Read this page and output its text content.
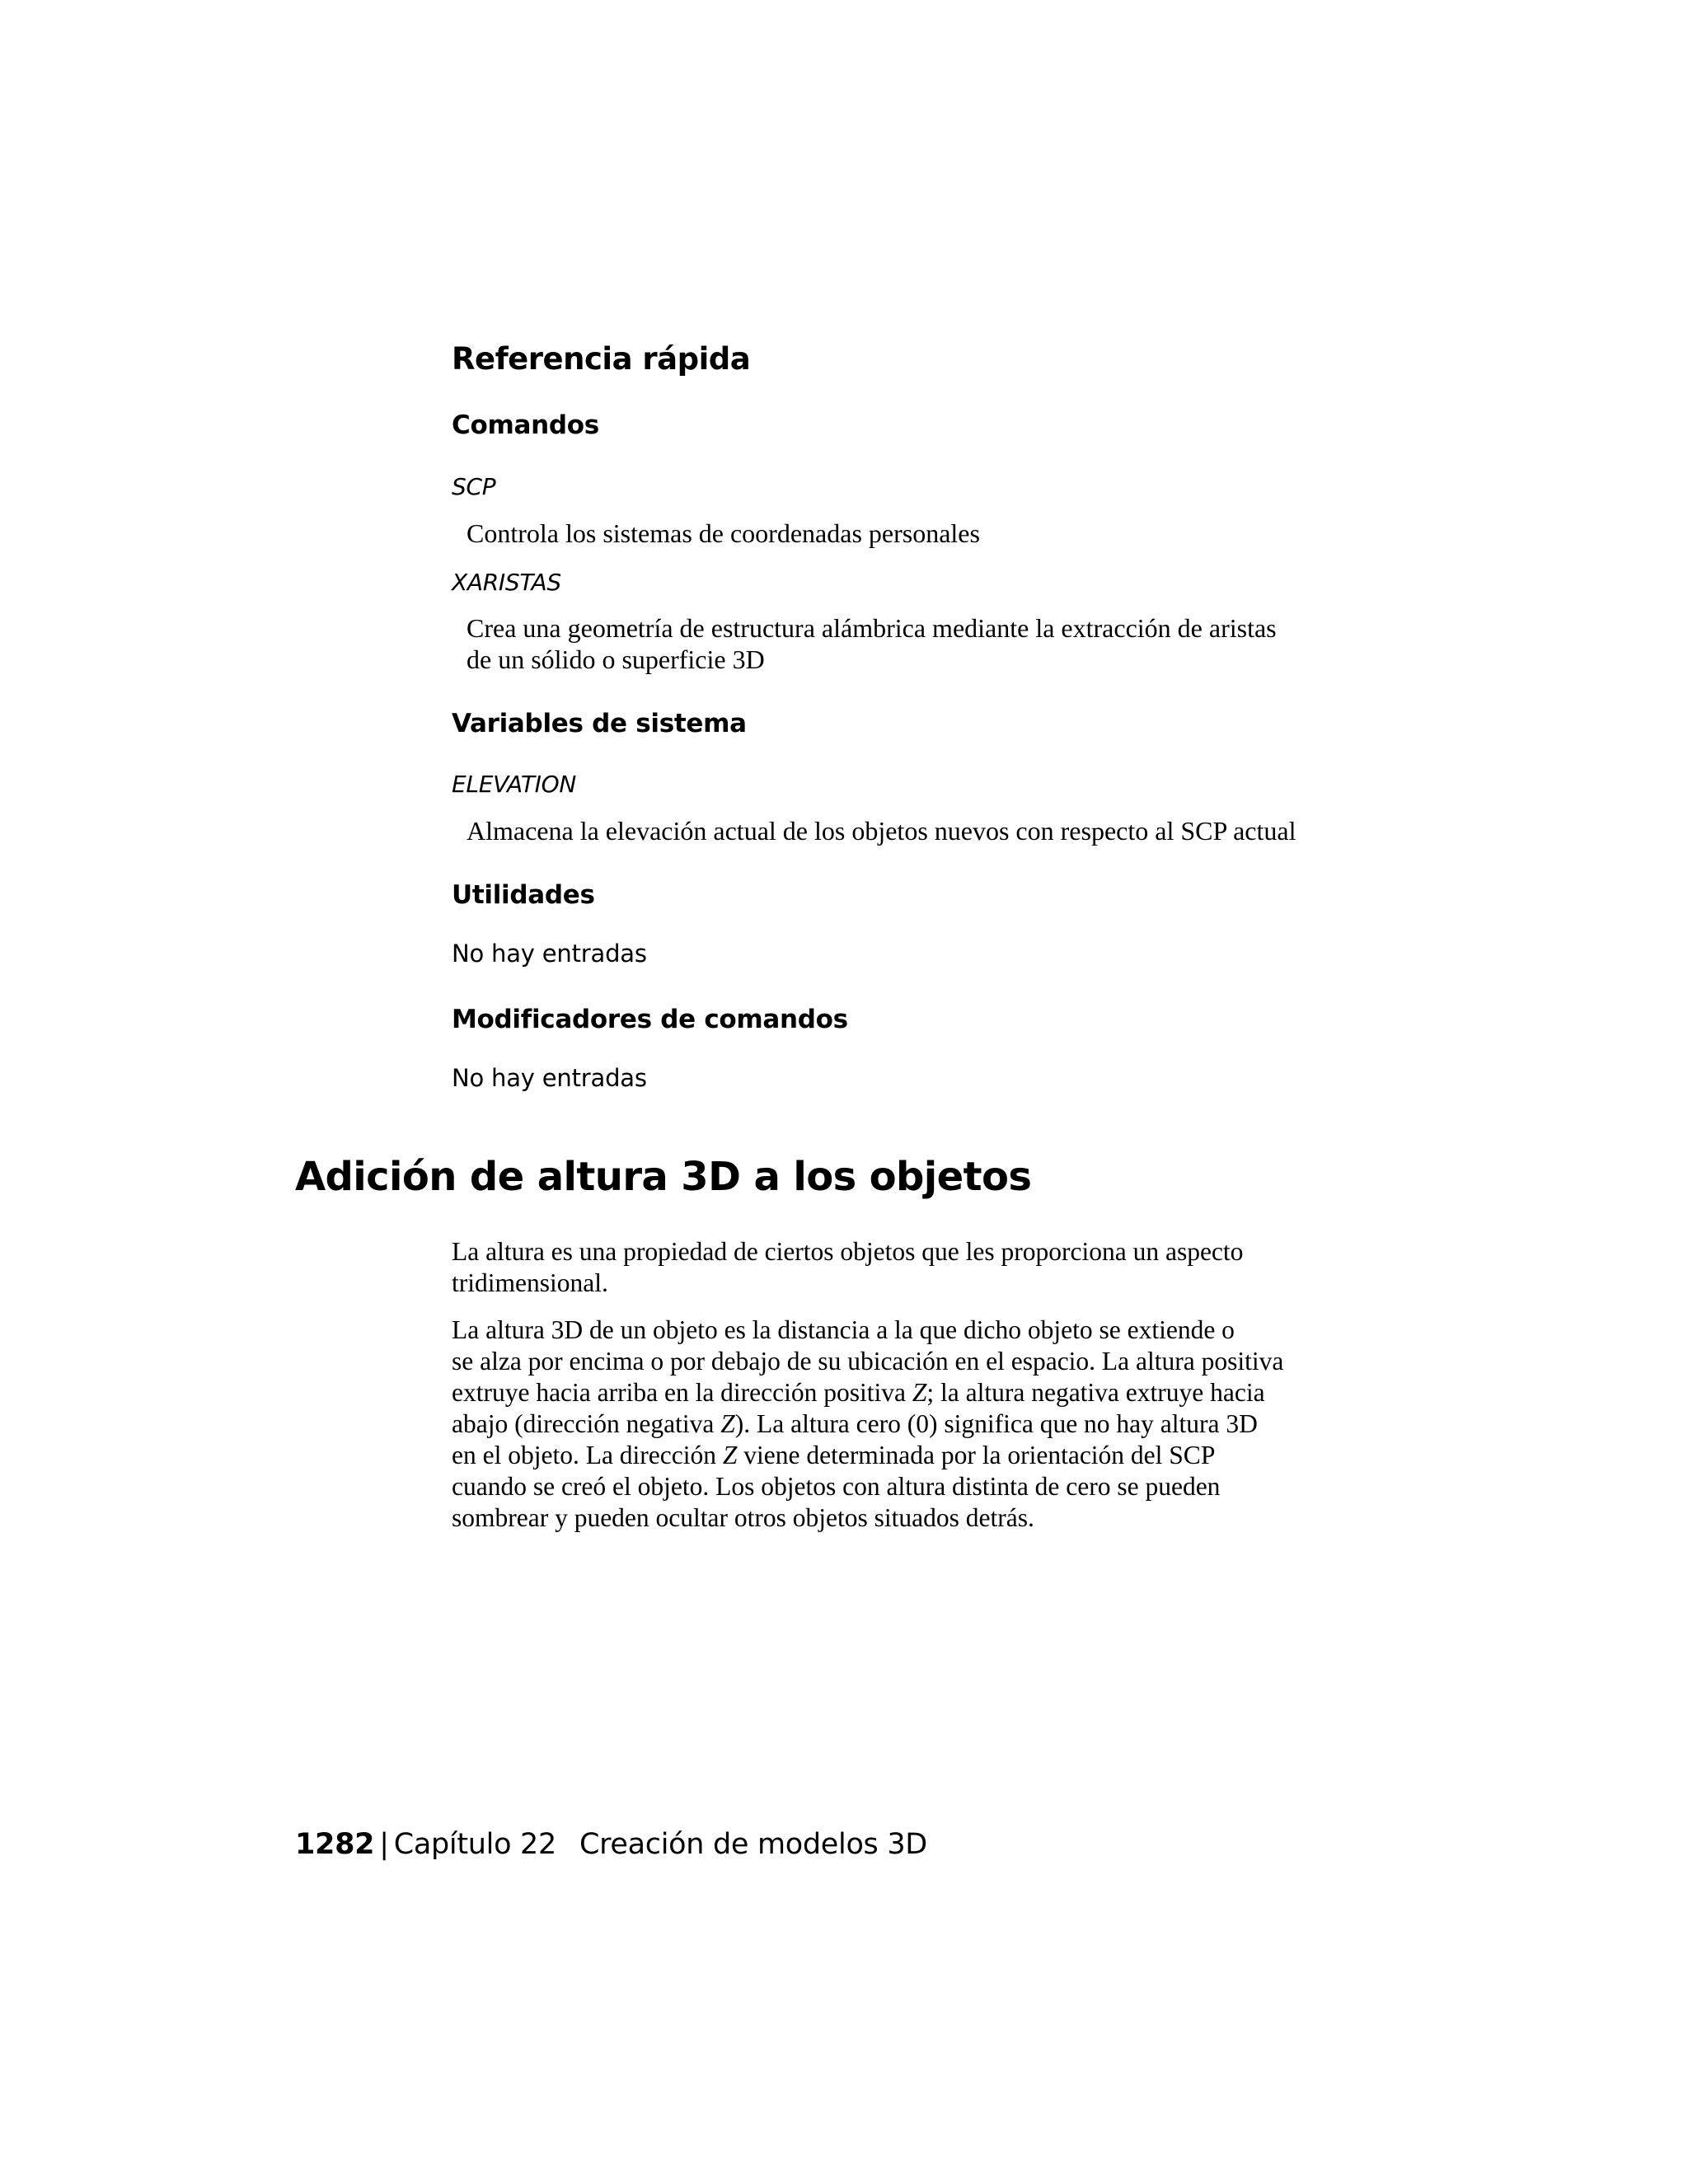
Referencia rápida
Comandos
SCP
Controla los sistemas de coordenadas personales
XARISTAS
Crea una geometría de estructura alámbrica mediante la extracción de aristas
de un sólido o superficie 3D
Variables de sistema
ELEVATION
Almacena la elevación actual de los objetos nuevos con respecto al SCP actual
Utilidades
No hay entradas
Modificadores de comandos
No hay entradas
Adición de altura 3D a los objetos

La altura es una propiedad de ciertos objetos que les proporciona un aspecto
tridimensional.

La altura 3D de un objeto es la distancia a la que dicho objeto se extiende o
se alza por encima o por debajo de su ubicación en el espacio. La altura positiva
extruye hacia arriba en la dirección positiva Z; la altura negativa extruye hacia
abajo (dirección negativa Z). La altura cero (0) significa que no hay altura 3D
en el objeto. La dirección Z viene determinada por la orientación del SCP
cuando se creó el objeto. Los objetos con altura distinta de cero se pueden
sombrear y pueden ocultar otros objetos situados detrás.

1282 | Capítulo 22 Creación de modelos 3D
